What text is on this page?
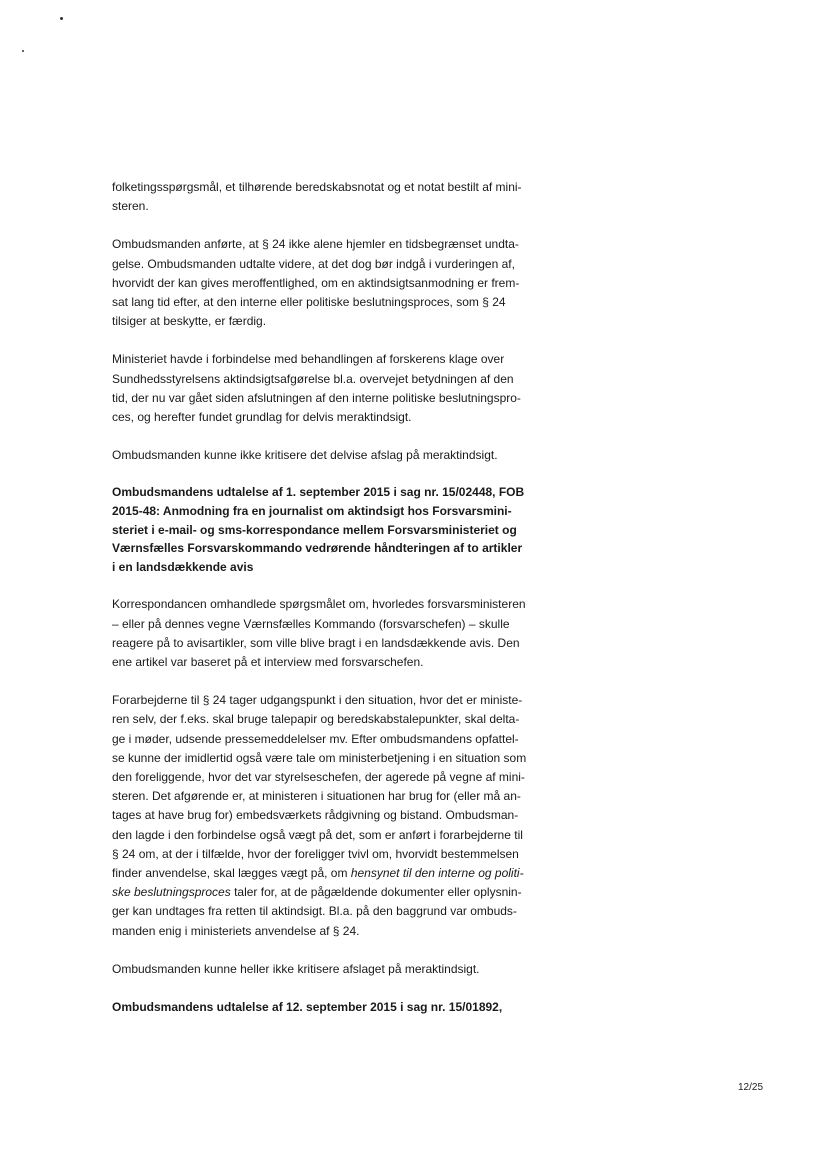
folketingsspørgsmål, et tilhørende beredskabsnotat og et notat bestilt af mini-
steren.

Ombudsmanden anførte, at § 24 ikke alene hjemler en tidsbegrænset undta-
gelse. Ombudsmanden udtalte videre, at det dog bør indgå i vurderingen af,
hvorvidt der kan gives meroffentlighed, om en aktindsigtsanmodning er frem-
sat lang tid efter, at den interne eller politiske beslutningsproces, som § 24
tilsiger at beskytte, er færdig.

Ministeriet havde i forbindelse med behandlingen af forskerens klage over
Sundhedsstyrelsens aktindsigtsafgørelse bl.a. overvejet betydningen af den
tid, der nu var gået siden afslutningen af den interne politiske beslutningspro-
ces, og herefter fundet grundlag for delvis meraktindsigt.

Ombudsmanden kunne ikke kritisere det delvise afslag på meraktindsigt.

Ombudsmandens udtalelse af 1. september 2015 i sag nr. 15/02448, FOB
2015-48: Anmodning fra en journalist om aktindsigt hos Forsvarsmini-
steriet i e-mail- og sms-korrespondance mellem Forsvarsministeriet og
Værnsfælles Forsvarskommando vedrørende håndteringen af to artikler
i en landsdækkende avis

Korrespondancen omhandlede spørgsmålet om, hvorledes forsvarsministeren
– eller på dennes vegne Værnsfælles Kommando (forsvarschefen) – skulle
reagere på to avisartikler, som ville blive bragt i en landsdækkende avis. Den
ene artikel var baseret på et interview med forsvarschefen.

Forarbejderne til § 24 tager udgangspunkt i den situation, hvor det er ministe-
ren selv, der f.eks. skal bruge talepapir og beredskabstalepunkter, skal delta-
ge i møder, udsende pressemeddelelser mv. Efter ombudsmandens opfattel-
se kunne der imidlertid også være tale om ministerbetjening i en situation som
den foreliggende, hvor det var styrelseschefen, der agerede på vegne af mini-
steren. Det afgørende er, at ministeren i situationen har brug for (eller må an-
tages at have brug for) embedsværkets rådgivning og bistand. Ombudsman-
den lagde i den forbindelse også vægt på det, som er anført i forarbejderne til
§ 24 om, at der i tilfælde, hvor der foreligger tvivl om, hvorvidt bestemmelsen
finder anvendelse, skal lægges vægt på, om hensynet til den interne og politi-
ske beslutningsproces taler for, at de pågældende dokumenter eller oplysnin-
ger kan undtages fra retten til aktindsigt. Bl.a. på den baggrund var ombuds-
manden enig i ministeriets anvendelse af § 24.

Ombudsmanden kunne heller ikke kritisere afslaget på meraktindsigt.

Ombudsmandens udtalelse af 12. september 2015 i sag nr. 15/01892,
12/25
